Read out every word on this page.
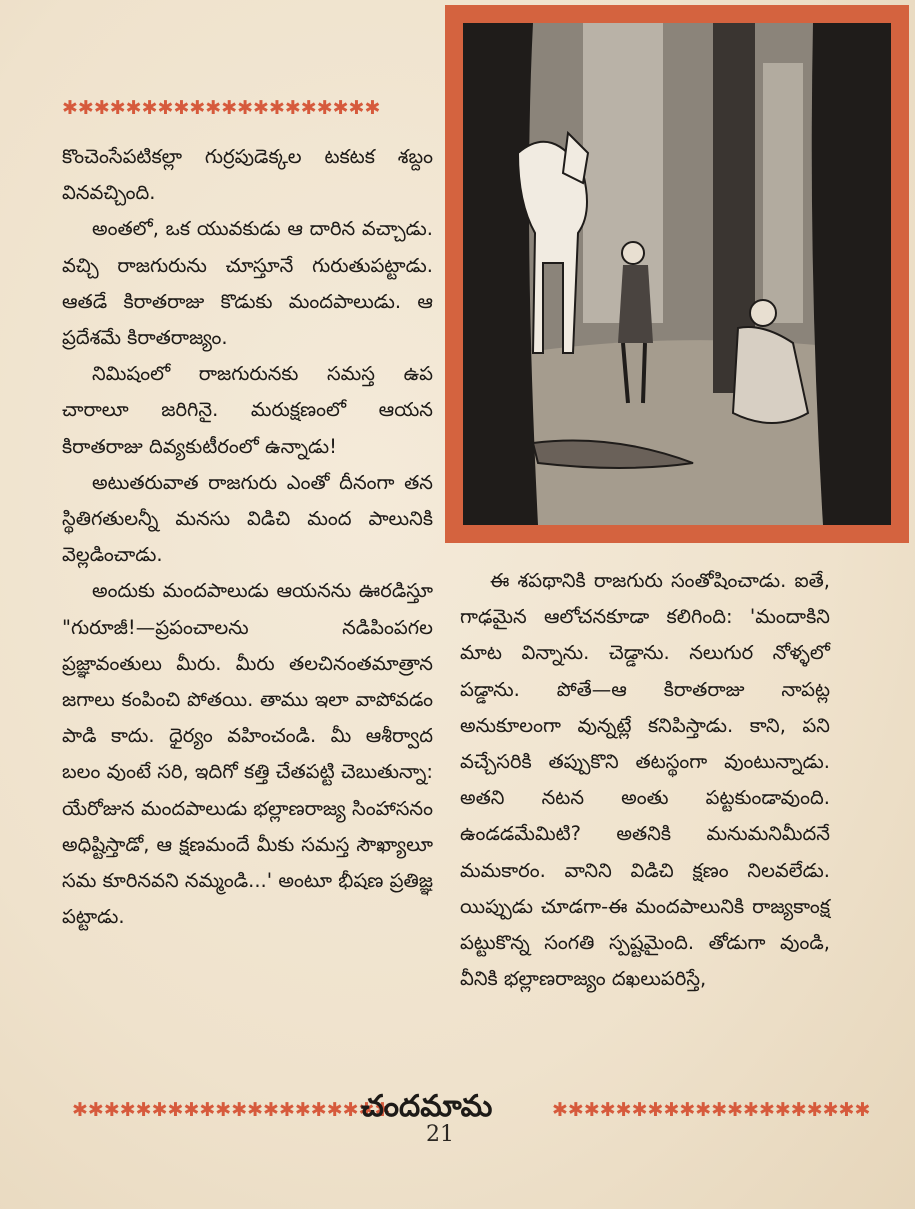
✱✱✱✱✱✱✱✱✱✱✱✱✱✱✱✱✱✱✱✱

కొంచెంసేపటికల్లా గుర్రపుడెక్కల టకటక శబ్దం వినవచ్చింది.

అంతలో, ఒక యువకుడు ఆ దారిన వచ్చాడు. వచ్చి రాజగురును చూస్తూనే గురుతుపట్టాడు. ఆతడే కిరాతరాజు కొడుకు మందపాలుడు. ఆ ప్రదేశమే కిరాతరాజ్యం.

నిమిషంలో రాజగురునకు సమస్త ఉప చారాలూ జరిగినై. మరుక్షణంలో ఆయన కిరాతరాజు దివ్యకుటీరంలో ఉన్నాడు!

అటుతరువాత రాజగురు ఎంతో దీనంగా తన స్థితిగతులన్నీ మనసు విడిచి మంద పాలునికి వెల్లడించాడు.

అందుకు మందపాలుడు ఆయనను ఊరడిస్తూ "గురూజీ!—ప్రపంచాలను నడిపింపగల ప్రజ్ఞావంతులు మీరు. మీరు తలచినంతమాత్రాన జగాలు కంపించి పోతయి. తాము ఇలా వాపోవడం పాడి కాదు. ధైర్యం వహించండి. మీ ఆశీర్వాద బలం వుంటే సరి, ఇదిగో కత్తి చేతపట్టి చెబుతున్నా: యేరోజున మందపాలుడు భల్లాణరాజ్య సింహాసనం అధిష్టిస్తాడో, ఆ క్షణమందే మీకు సమస్త సౌఖ్యాలూ సమ కూరినవని నమ్మండి...' అంటూ భీషణ ప్రతిజ్ఞ పట్టాడు.

ఈ శపథానికి రాజగురు సంతోషించాడు. ఐతే, గాఢమైన ఆలోచనకూడా కలిగింది: 'మందాకిని మాట విన్నాను. చెడ్డాను. నలుగుర నోళ్ళలో పడ్డాను. పోతే—ఆ కిరాతరాజు నాపట్ల అనుకూలంగా వున్నట్లే కనిపిస్తాడు. కాని, పని వచ్చేసరికి తప్పుకొని తటస్థంగా వుంటున్నాడు. అతని నటన అంతు పట్టకుండావుంది. ఉండడమేమిటి? అతనికి మనుమనిమీదనే మమకారం. వానిని విడిచి క్షణం నిలవలేడు. యిప్పుడు చూడగా-ఈ మందపాలునికి రాజ్యకాంక్ష పట్టుకొన్న సంగతి స్పష్టమైంది. తోడుగా వుండి, వీనికి భల్లాణరాజ్యం దఖలుపరిస్తే,

✱✱✱✱✱✱✱✱✱✱✱✱✱✱✱✱✱✱✱✱
చందమామ	✱✱✱✱✱✱✱✱✱✱✱✱✱✱✱✱✱✱✱✱
21
